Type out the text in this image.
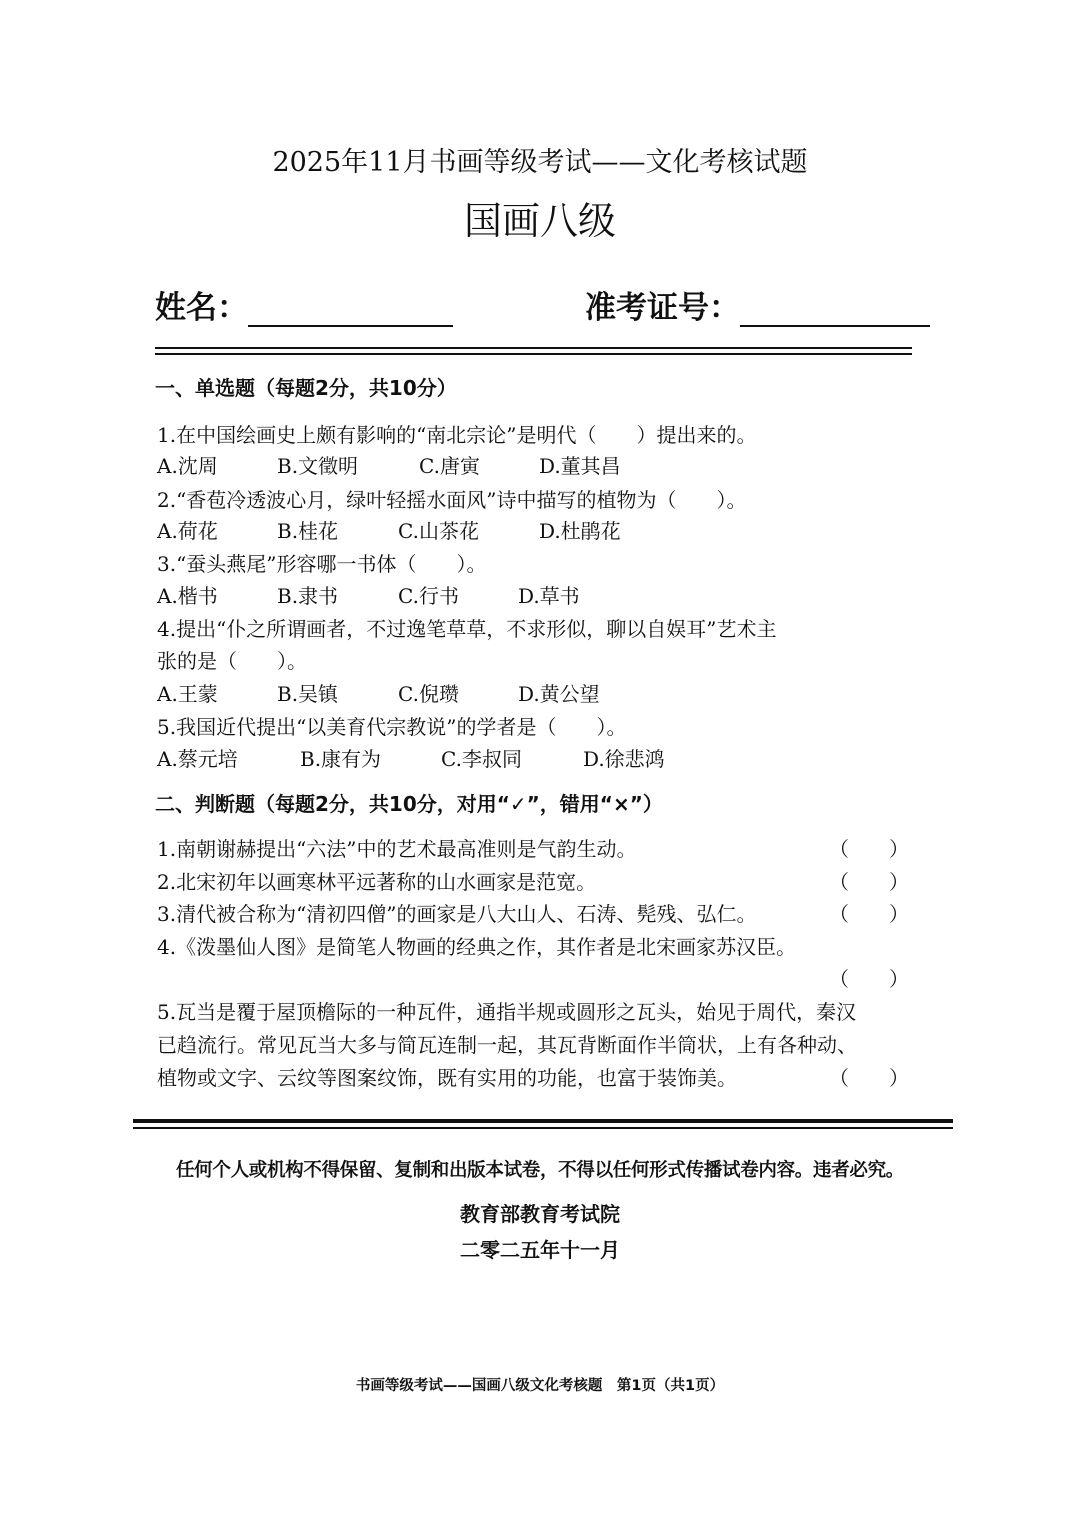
2025年11月书画等级考试——文化考核试题
国画八级
姓名：	准考证号：
一、单选题（每题2分，共10分）
1.在中国绘画史上颇有影响的“南北宗论”是明代（　　）提出来的。
A.沈周	B.文徵明	C.唐寅	D.董其昌
2.“香苞冷透波心月，绿叶轻摇水面风”诗中描写的植物为（　　）。
A.荷花	B.桂花	C.山茶花	D.杜鹃花
3.“蚕头燕尾”形容哪一书体（　　）。
A.楷书	B.隶书	C.行书	D.草书
4.提出“仆之所谓画者，不过逸笔草草，不求形似，聊以自娱耳”艺术主
张的是（　　）。
A.王蒙	B.吴镇	C.倪瓒	D.黄公望
5.我国近代提出“以美育代宗教说”的学者是（　　）。
A.蔡元培	B.康有为	C.李叔同	D.徐悲鸿
二、判断题（每题2分，共10分，对用“✓”，错用“×”）
1.南朝谢赫提出“六法”中的艺术最高准则是气韵生动。	（　　）
2.北宋初年以画寒林平远著称的山水画家是范宽。	（　　）
3.清代被合称为“清初四僧”的画家是八大山人、石涛、髡残、弘仁。	（　　）
4.《泼墨仙人图》是简笔人物画的经典之作，其作者是北宋画家苏汉臣。
（　　）
5.瓦当是覆于屋顶檐际的一种瓦件，通指半规或圆形之瓦头，始见于周代，秦汉
已趋流行。常见瓦当大多与简瓦连制一起，其瓦背断面作半筒状，上有各种动、
植物或文字、云纹等图案纹饰，既有实用的功能，也富于装饰美。	（　　）
任何个人或机构不得保留、复制和出版本试卷，不得以任何形式传播试卷内容。违者必究。
教育部教育考试院
二零二五年十一月
书画等级考试——国画八级文化考核题　第1页（共1页）
